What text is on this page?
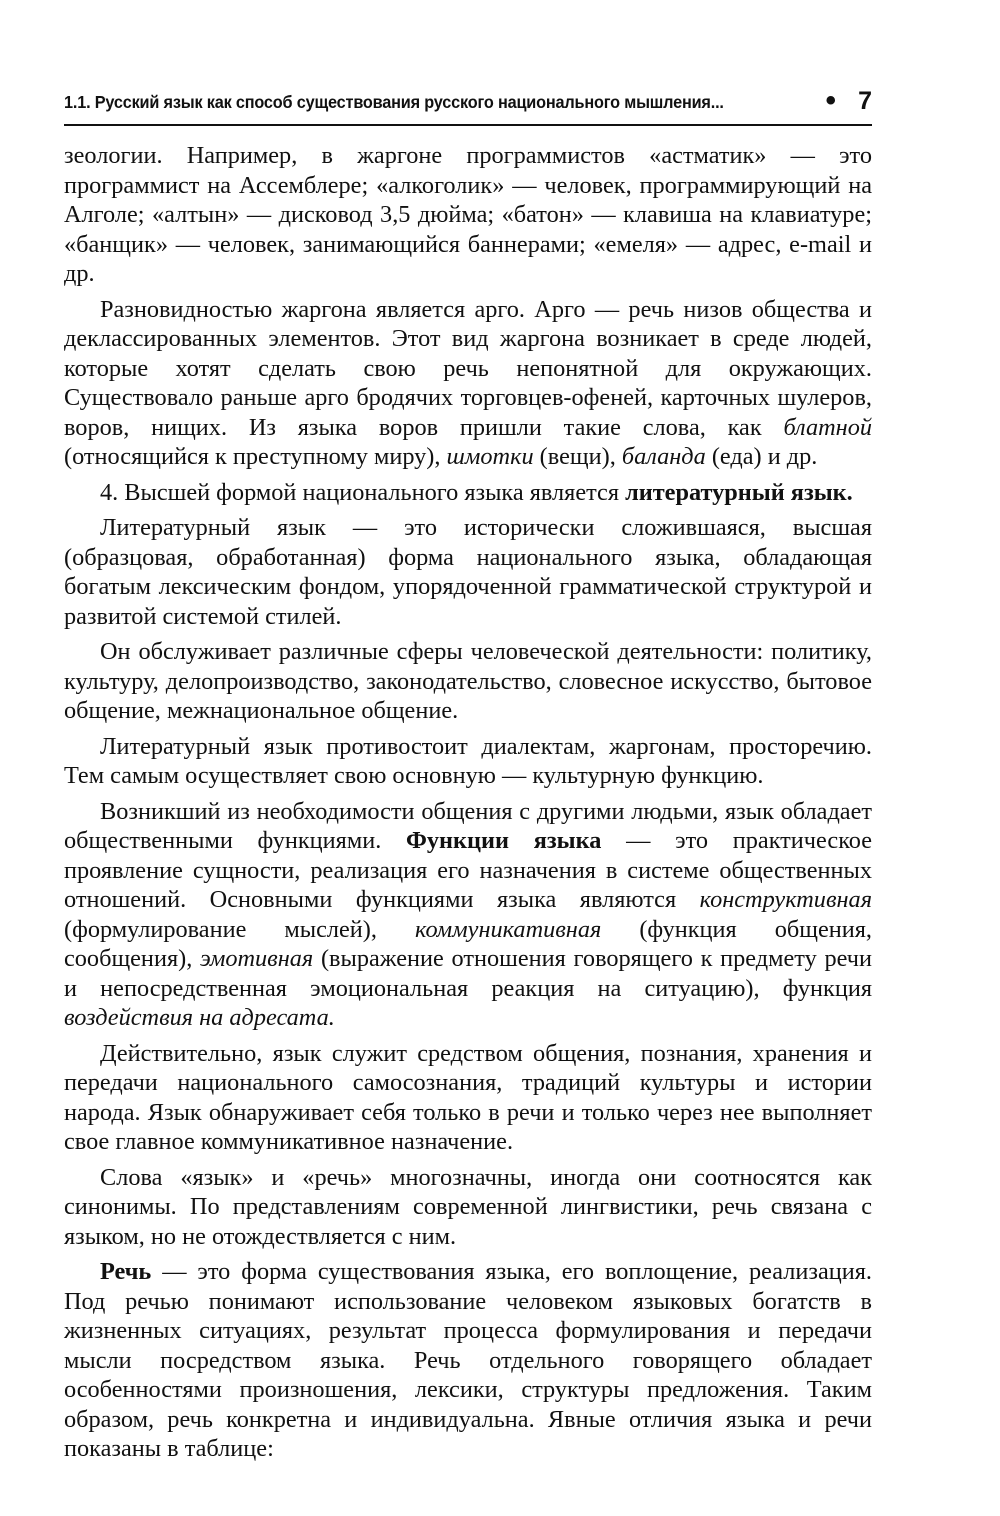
1.1. Русский язык как способ существования русского национального мышления...	• 7

зеологии. Например, в жаргоне программистов «астматик» — это программист на Ассемблере; «алкоголик» — человек, программирующий на Алголе; «алтын» — дисковод 3,5 дюйма; «батон» — клавиша на клавиатуре; «банщик» — человек, занимающийся баннерами; «емеля» — адрес, e-mail и др.

Разновидностью жаргона является арго. Арго — речь низов общества и деклассированных элементов. Этот вид жаргона возникает в среде людей, которые хотят сделать свою речь непонятной для окружающих. Существовало раньше арго бродячих торговцев-офеней, карточных шулеров, воров, нищих. Из языка воров пришли такие слова, как блатной (относящийся к преступному миру), шмотки (вещи), баланда (еда) и др.

4. Высшей формой национального языка является литературный язык.

Литературный язык — это исторически сложившаяся, высшая (образцовая, обработанная) форма национального языка, обладающая богатым лексическим фондом, упорядоченной грамматической структурой и развитой системой стилей.

Он обслуживает различные сферы человеческой деятельности: политику, культуру, делопроизводство, законодательство, словесное искусство, бытовое общение, межнациональное общение.

Литературный язык противостоит диалектам, жаргонам, просторечию. Тем самым осуществляет свою основную — культурную функцию.

Возникший из необходимости общения с другими людьми, язык обладает общественными функциями. Функции языка — это практическое проявление сущности, реализация его назначения в системе общественных отношений. Основными функциями языка являются конструктивная (формулирование мыслей), коммуникативная (функция общения, сообщения), эмотивная (выражение отношения говорящего к предмету речи и непосредственная эмоциональная реакция на ситуацию), функция воздействия на адресата.

Действительно, язык служит средством общения, познания, хранения и передачи национального самосознания, традиций культуры и истории народа. Язык обнаруживает себя только в речи и только через нее выполняет свое главное коммуникативное назначение.

Слова «язык» и «речь» многозначны, иногда они соотносятся как синонимы. По представлениям современной лингвистики, речь связана с языком, но не отождествляется с ним.

Речь — это форма существования языка, его воплощение, реализация. Под речью понимают использование человеком языковых богатств в жизненных ситуациях, результат процесса формулирования и передачи мысли посредством языка. Речь отдельного говорящего обладает особенностями произношения, лексики, структуры предложения. Таким образом, речь конкретна и индивидуальна. Явные отличия языка и речи показаны в таблице:
